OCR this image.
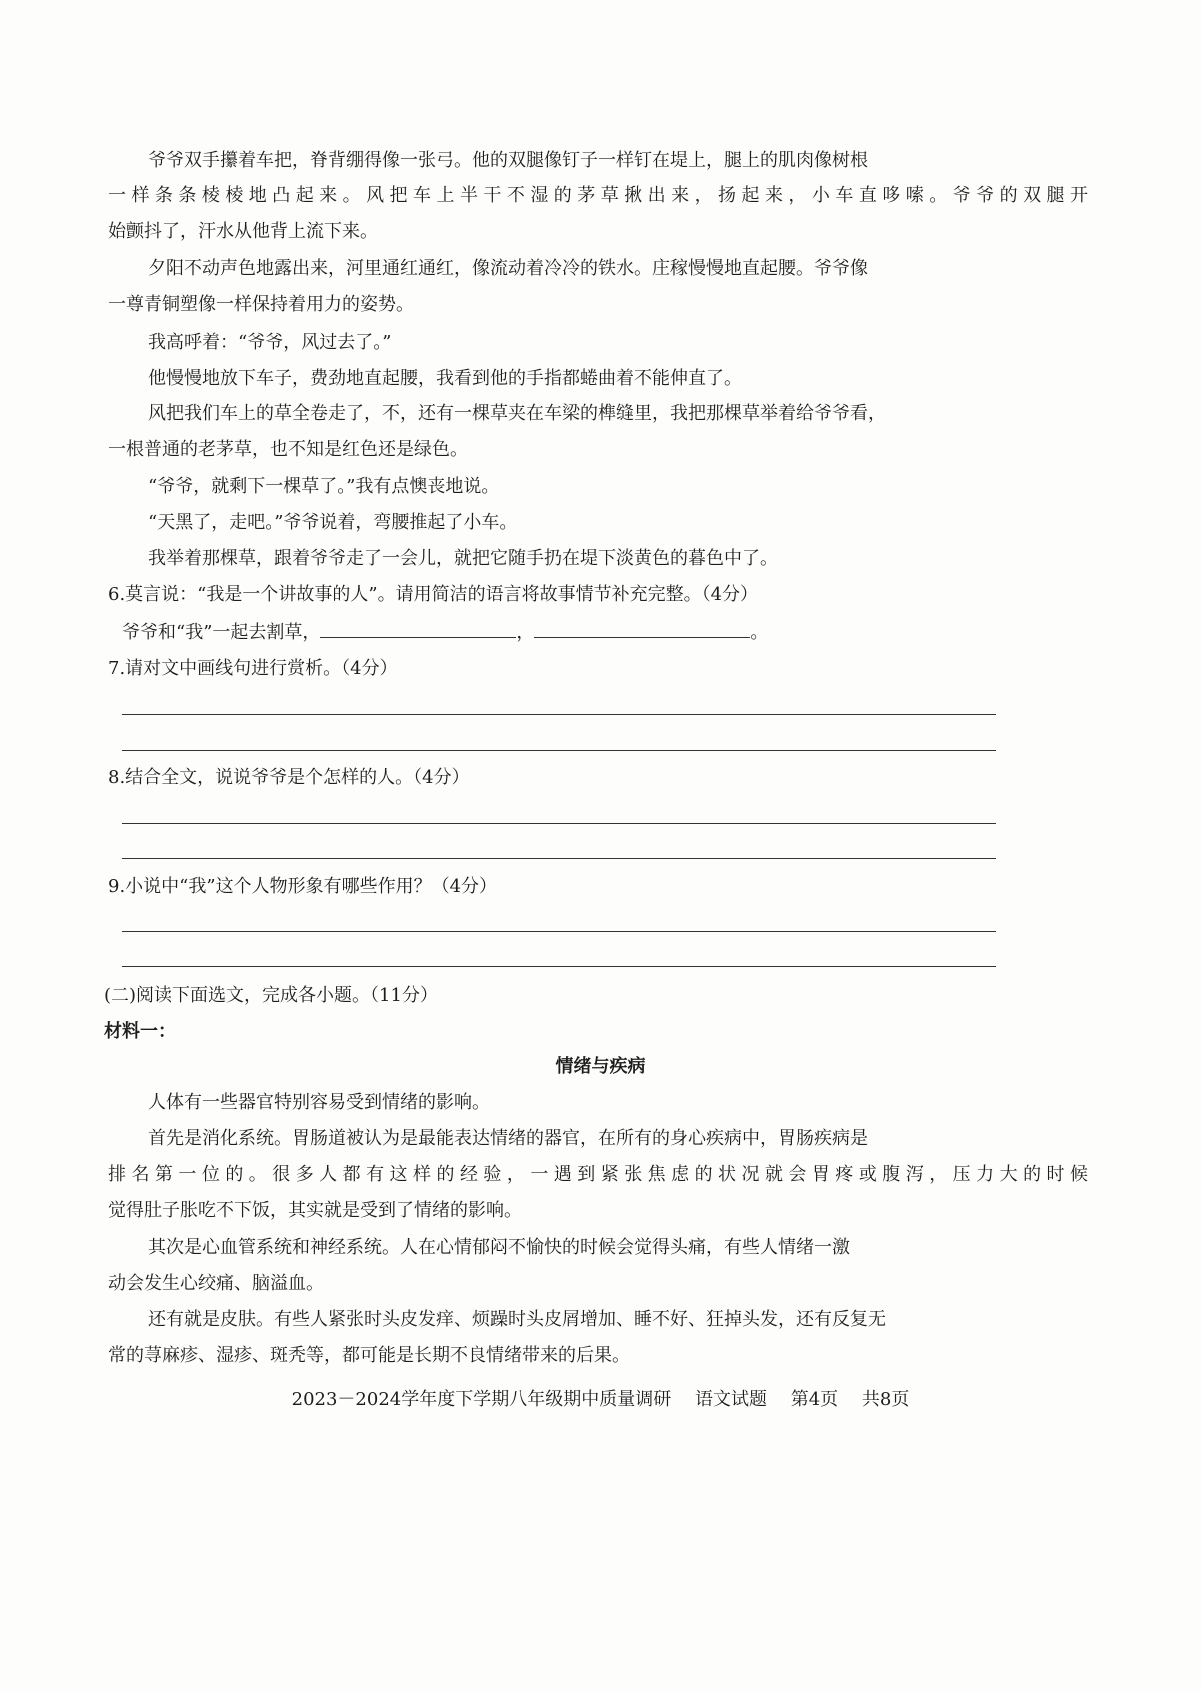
爷爷双手攥着车把，脊背绷得像一张弓。他的双腿像钉子一样钉在堤上，腿上的肌肉像树根

一样条条棱棱地凸起来。风把车上半干不湿的茅草揪出来，扬起来，小车直哆嗦。爷爷的双腿开

始颤抖了，汗水从他背上流下来。

夕阳不动声色地露出来，河里通红通红，像流动着冷冷的铁水。庄稼慢慢地直起腰。爷爷像

一尊青铜塑像一样保持着用力的姿势。

我高呼着：“爷爷，风过去了。”

他慢慢地放下车子，费劲地直起腰，我看到他的手指都蜷曲着不能伸直了。

风把我们车上的草全卷走了，不，还有一棵草夹在车梁的榫缝里，我把那棵草举着给爷爷看，

一根普通的老茅草，也不知是红色还是绿色。

“爷爷，就剩下一棵草了。”我有点懊丧地说。

“天黑了，走吧。”爷爷说着，弯腰推起了小车。

我举着那棵草，跟着爷爷走了一会儿，就把它随手扔在堤下淡黄色的暮色中了。

6.莫言说：“我是一个讲故事的人”。请用简洁的语言将故事情节补充完整。（4分）

爷爷和“我”一起去割草，	，	。

7.请对文中画线句进行赏析。（4分）

8.结合全文，说说爷爷是个怎样的人。（4分）

9.小说中“我”这个人物形象有哪些作用？（4分）

(二)阅读下面选文，完成各小题。（11分）

材料一：

情绪与疾病

人体有一些器官特别容易受到情绪的影响。

首先是消化系统。胃肠道被认为是最能表达情绪的器官，在所有的身心疾病中，胃肠疾病是

排名第一位的。很多人都有这样的经验，一遇到紧张焦虑的状况就会胃疼或腹泻，压力大的时候

觉得肚子胀吃不下饭，其实就是受到了情绪的影响。

其次是心血管系统和神经系统。人在心情郁闷不愉快的时候会觉得头痛，有些人情绪一激

动会发生心绞痛、脑溢血。

还有就是皮肤。有些人紧张时头皮发痒、烦躁时头皮屑增加、睡不好、狂掉头发，还有反复无

常的荨麻疹、湿疹、斑秃等，都可能是长期不良情绪带来的后果。

2023－2024学年度下学期八年级期中质量调研 语文试题 第4页 共8页
